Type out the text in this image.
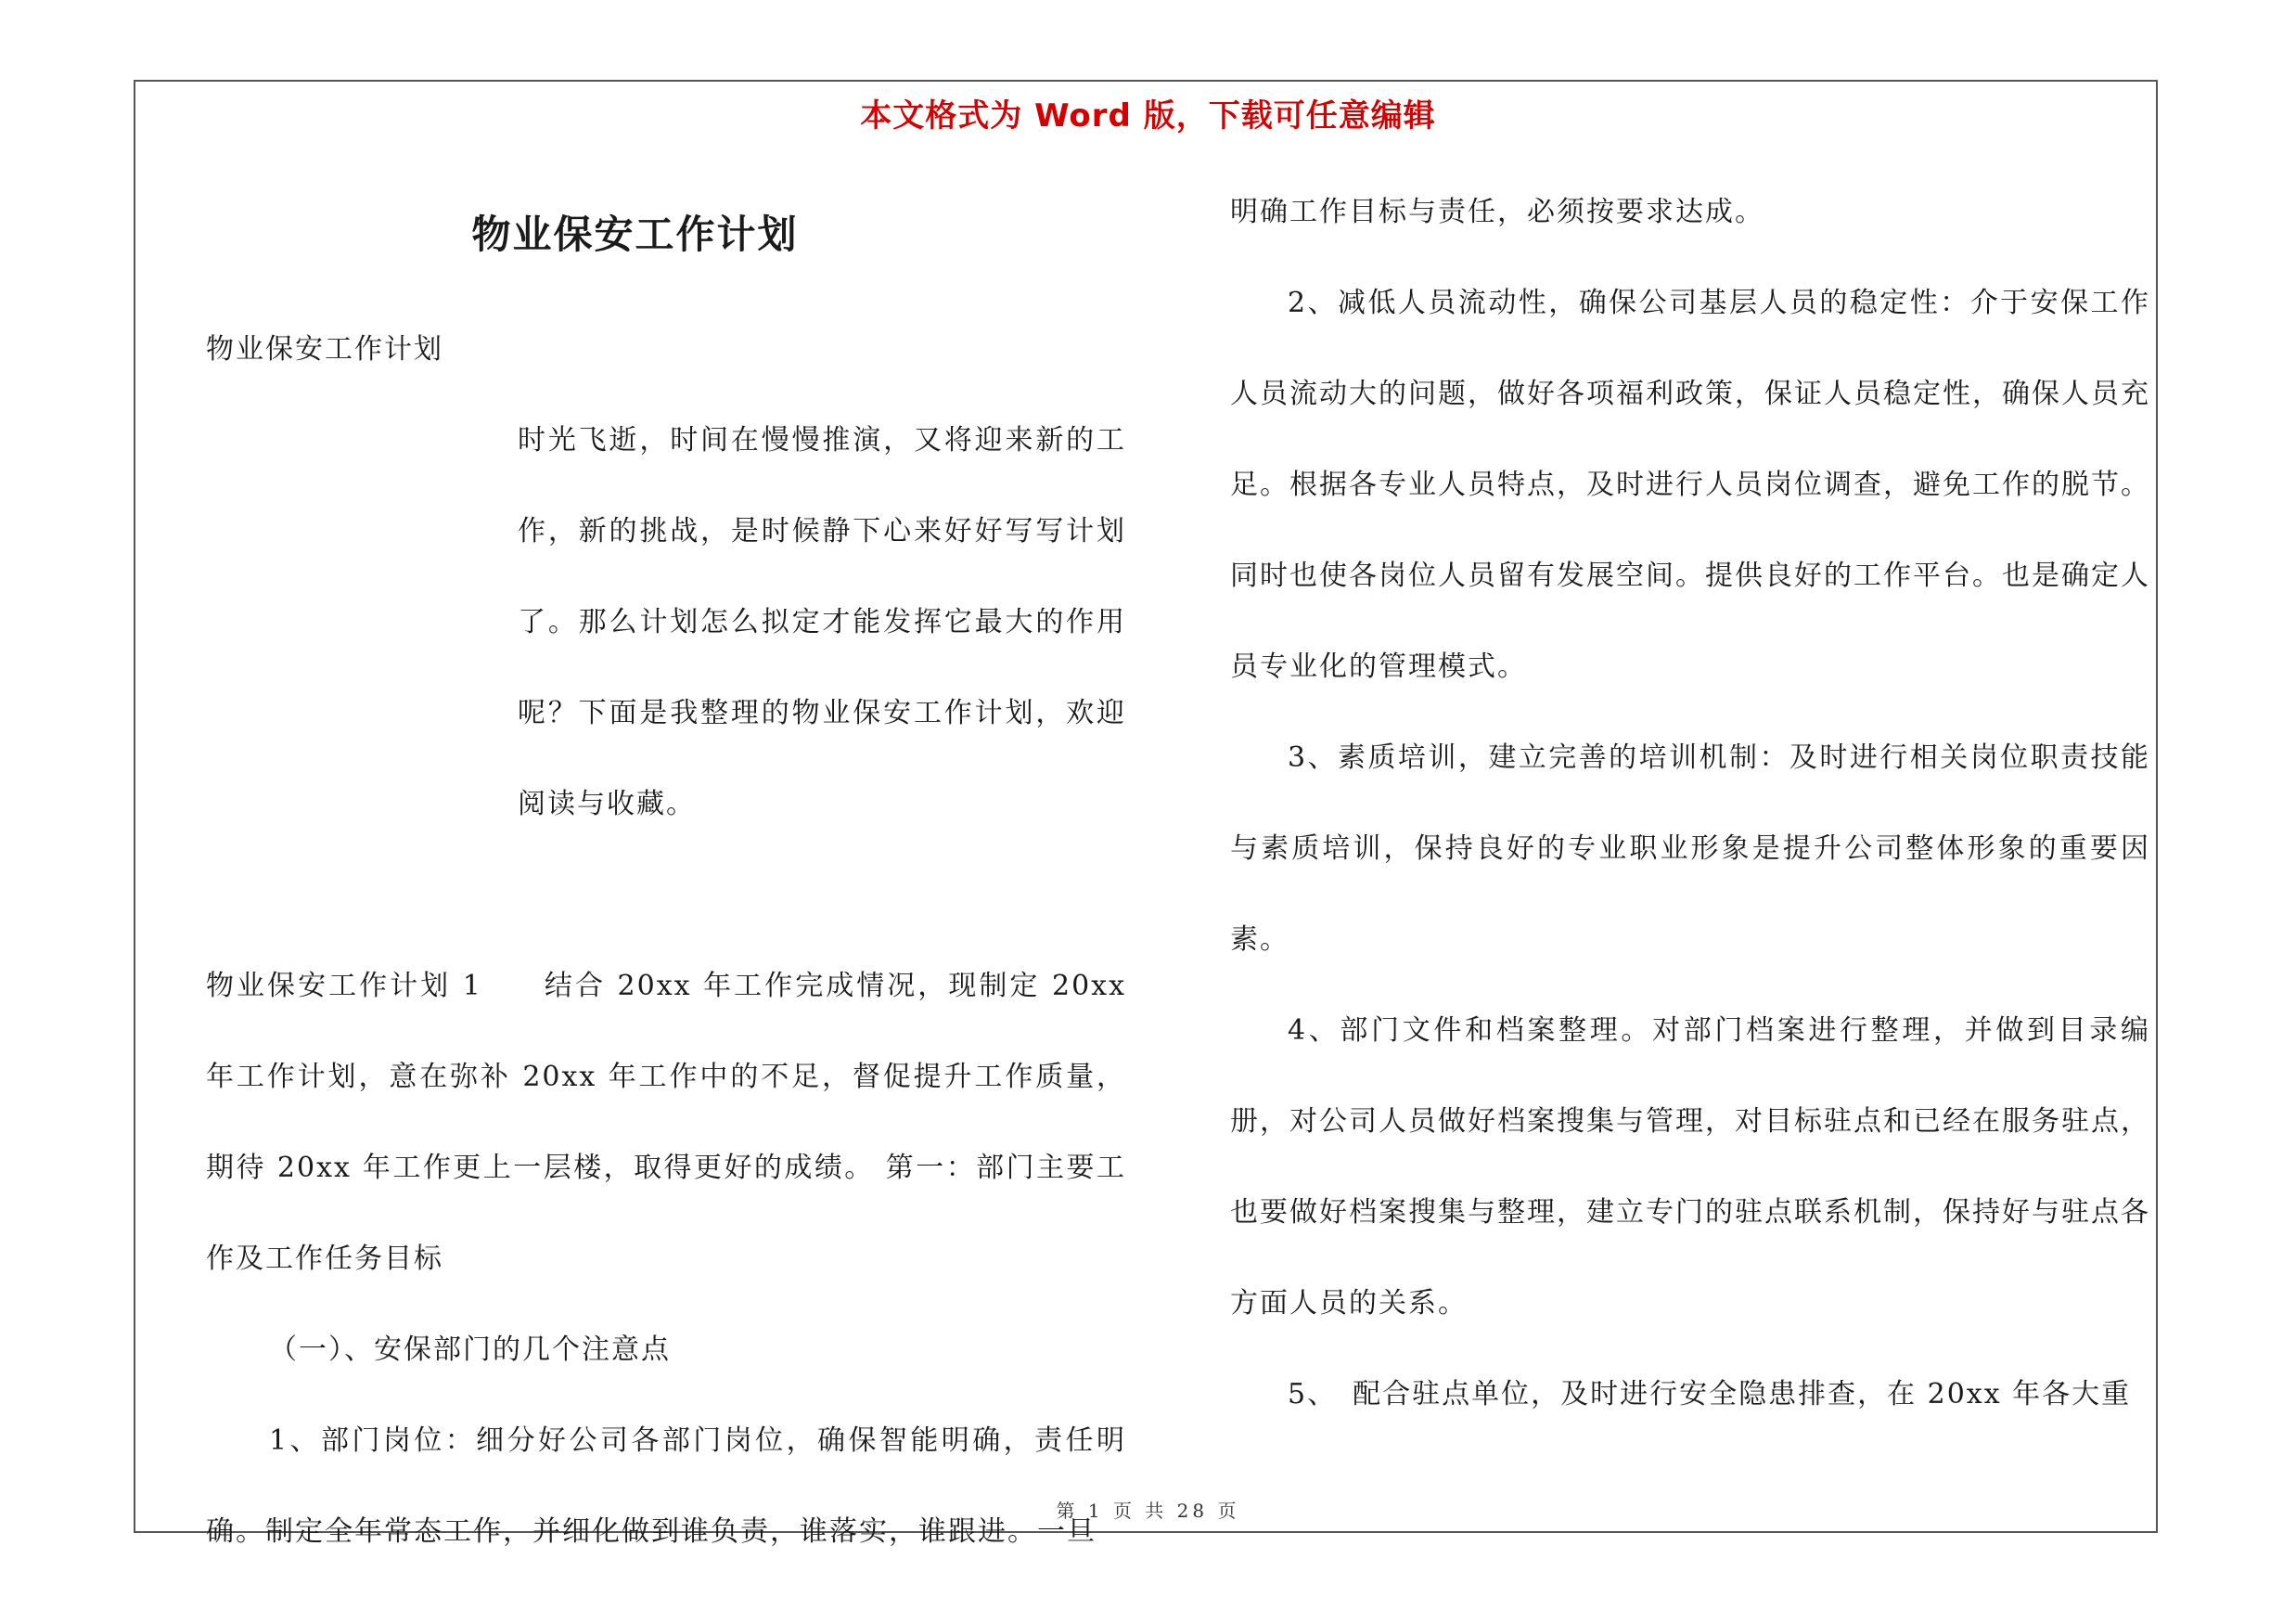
本文格式为 Word 版，下载可任意编辑
物业保安工作计划

物业保安工作计划

时光飞逝，时间在慢慢推演，又将迎来新的工作，新的挑战，是时候静下心来好好写写计划了。那么计划怎么拟定才能发挥它最大的作用呢？下面是我整理的物业保安工作计划，欢迎阅读与收藏。

物业保安工作计划 1　　结合 20xx 年工作完成情况，现制定 20xx 年工作计划，意在弥补 20xx 年工作中的不足，督促提升工作质量，期待 20xx 年工作更上一层楼，取得更好的成绩。 第一：部门主要工作及工作任务目标

（一）、安保部门的几个注意点

1、部门岗位：细分好公司各部门岗位，确保智能明确，责任明确。制定全年常态工作，并细化做到谁负责，谁落实，谁跟进。一旦

明确工作目标与责任，必须按要求达成。

2、减低人员流动性，确保公司基层人员的稳定性：介于安保工作人员流动大的问题，做好各项福利政策，保证人员稳定性，确保人员充足。根据各专业人员特点，及时进行人员岗位调查，避免工作的脱节。同时也使各岗位人员留有发展空间。提供良好的工作平台。也是确定人员专业化的管理模式。

3、素质培训，建立完善的培训机制：及时进行相关岗位职责技能与素质培训，保持良好的专业职业形象是提升公司整体形象的重要因素。

4、部门文件和档案整理。对部门档案进行整理，并做到目录编册，对公司人员做好档案搜集与管理，对目标驻点和已经在服务驻点，也要做好档案搜集与整理，建立专门的驻点联系机制，保持好与驻点各方面人员的关系。

5、　配合驻点单位，及时进行安全隐患排查，在 20xx 年各大重

第 1 页 共 28 页
